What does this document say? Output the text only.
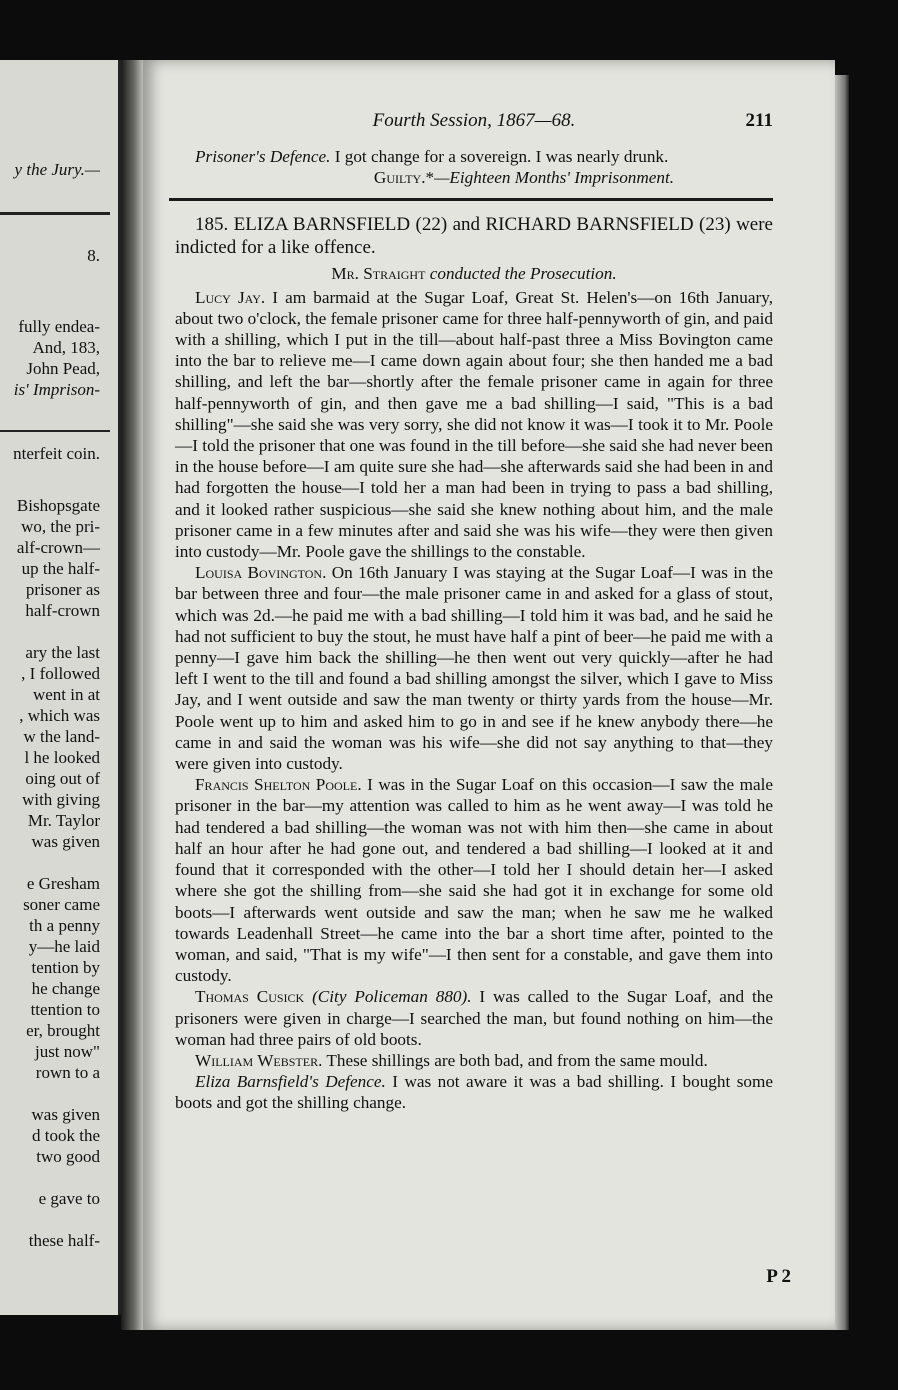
y the Jury.—
8.
fully endea-
And, 183,
John Pead,
is' Imprison-
nterfeit coin.
Bishopsgate
wo, the pri-
alf-crown—
up the half-
prisoner as
half-crown
ary the last
, I followed
went in at
, which was
w the land-
l he looked
oing out of
with giving
Mr. Taylor
was given
e Gresham
soner came
th a penny
y—he laid
tention by
he change
ttention to
er, brought
just now"
rown to a
was given
d took the
two good
e gave to
these half-
Fourth Session, 1867—68.	211

Prisoner's Defence. I got change for a sovereign. I was nearly drunk.

Guilty.*—Eighteen Months' Imprisonment.

185. ELIZA BARNSFIELD (22) and RICHARD BARNSFIELD (23) were indicted for a like offence.

Mr. Straight conducted the Prosecution.

Lucy Jay. I am barmaid at the Sugar Loaf, Great St. Helen's—on 16th January, about two o'clock, the female prisoner came for three half-pennyworth of gin, and paid with a shilling, which I put in the till—about half-past three a Miss Bovington came into the bar to relieve me—I came down again about four; she then handed me a bad shilling, and left the bar—shortly after the female prisoner came in again for three half-pennyworth of gin, and then gave me a bad shilling—I said, "This is a bad shilling"—she said she was very sorry, she did not know it was—I took it to Mr. Poole—I told the prisoner that one was found in the till before—she said she had never been in the house before—I am quite sure she had—she afterwards said she had been in and had forgotten the house—I told her a man had been in trying to pass a bad shilling, and it looked rather suspicious—she said she knew nothing about him, and the male prisoner came in a few minutes after and said she was his wife—they were then given into custody—Mr. Poole gave the shillings to the constable.

Louisa Bovington. On 16th January I was staying at the Sugar Loaf—I was in the bar between three and four—the male prisoner came in and asked for a glass of stout, which was 2d.—he paid me with a bad shilling—I told him it was bad, and he said he had not sufficient to buy the stout, he must have half a pint of beer—he paid me with a penny—I gave him back the shilling—he then went out very quickly—after he had left I went to the till and found a bad shilling amongst the silver, which I gave to Miss Jay, and I went outside and saw the man twenty or thirty yards from the house—Mr. Poole went up to him and asked him to go in and see if he knew anybody there—he came in and said the woman was his wife—she did not say anything to that—they were given into custody.

Francis Shelton Poole. I was in the Sugar Loaf on this occasion—I saw the male prisoner in the bar—my attention was called to him as he went away—I was told he had tendered a bad shilling—the woman was not with him then—she came in about half an hour after he had gone out, and tendered a bad shilling—I looked at it and found that it corresponded with the other—I told her I should detain her—I asked where she got the shilling from—she said she had got it in exchange for some old boots—I afterwards went outside and saw the man; when he saw me he walked towards Leadenhall Street—he came into the bar a short time after, pointed to the woman, and said, "That is my wife"—I then sent for a constable, and gave them into custody.

Thomas Cusick (City Policeman 880). I was called to the Sugar Loaf, and the prisoners were given in charge—I searched the man, but found nothing on him—the woman had three pairs of old boots.

William Webster. These shillings are both bad, and from the same mould.

Eliza Barnsfield's Defence. I was not aware it was a bad shilling. I bought some boots and got the shilling change.

P 2
